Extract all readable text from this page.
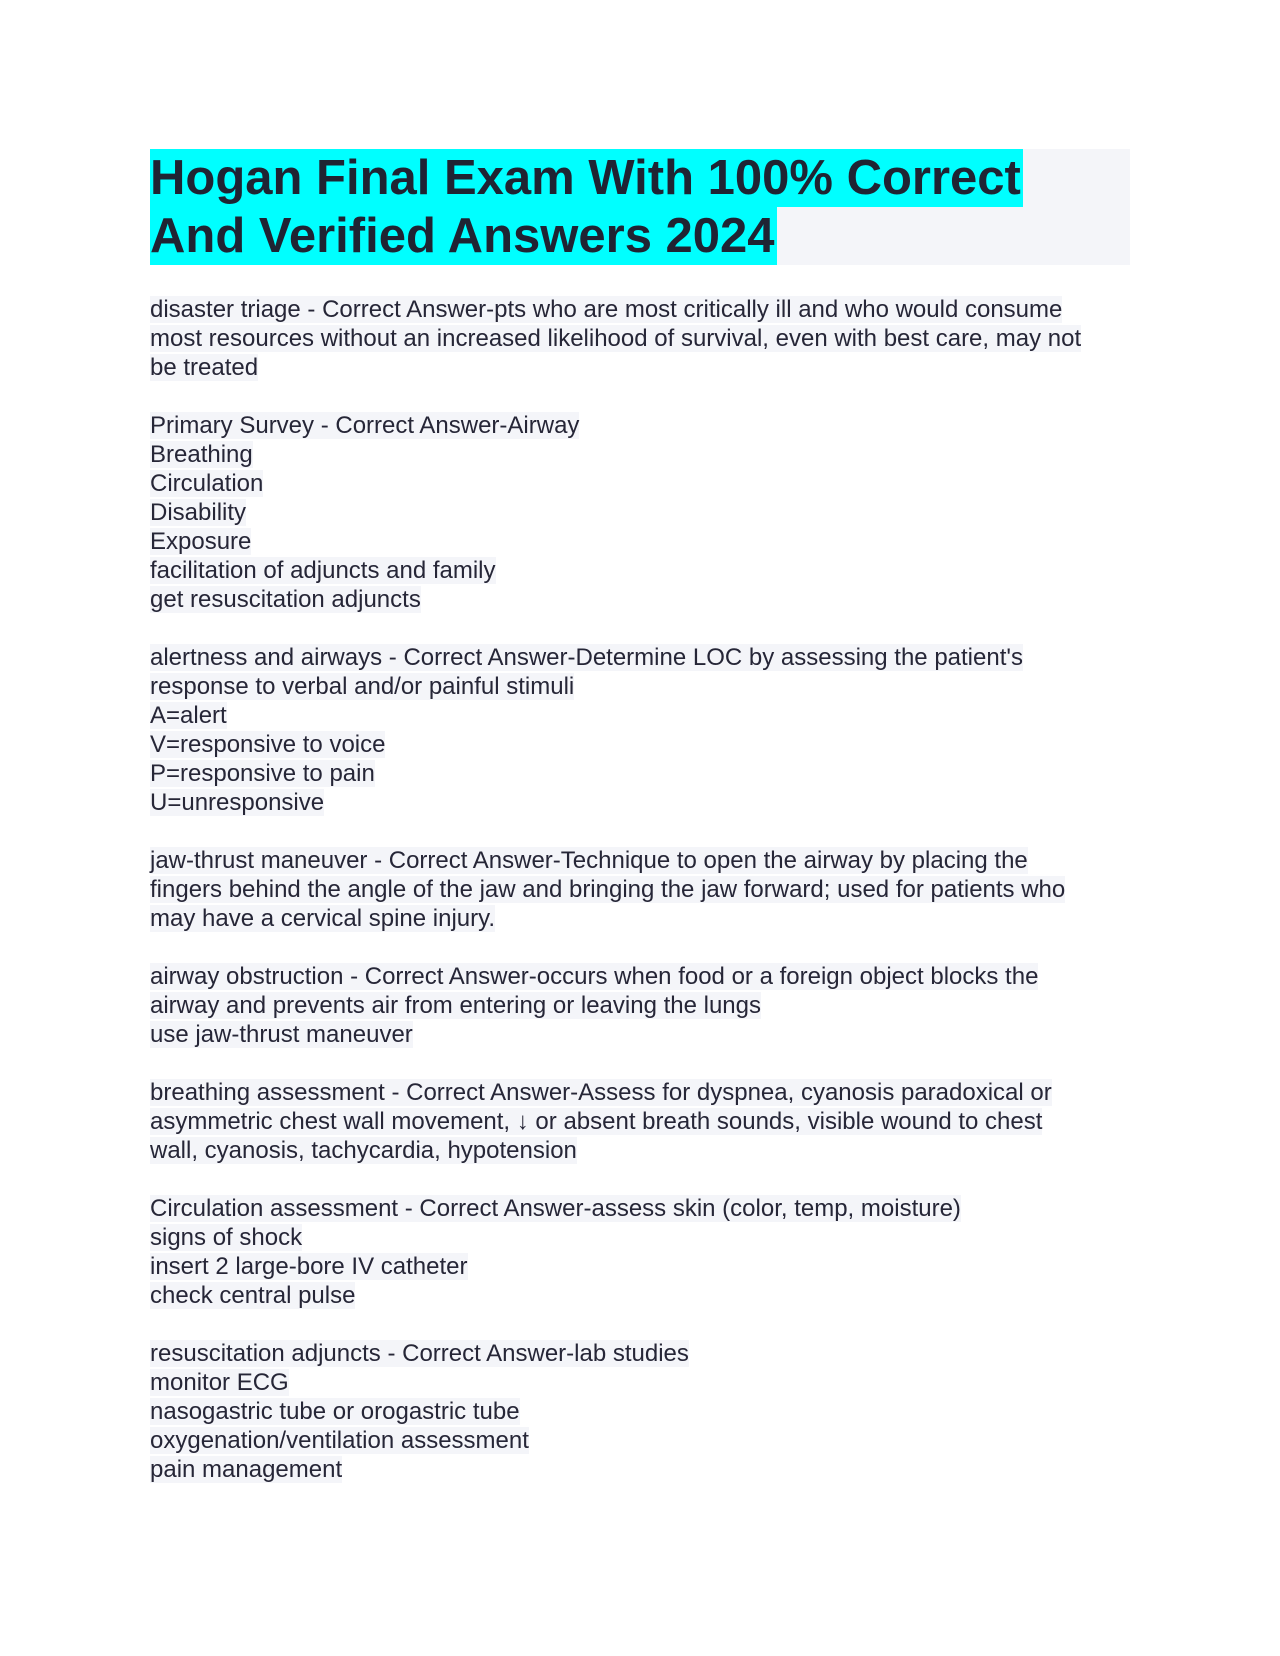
Hogan Final Exam With 100% Correct
And Verified Answers 2024
disaster triage - Correct Answer-pts who are most critically ill and who would consume
most resources without an increased likelihood of survival, even with best care, may not
be treated
Primary Survey - Correct Answer-Airway
Breathing
Circulation
Disability
Exposure
facilitation of adjuncts and family
get resuscitation adjuncts
alertness and airways - Correct Answer-Determine LOC by assessing the patient's
response to verbal and/or painful stimuli
A=alert
V=responsive to voice
P=responsive to pain
U=unresponsive
jaw-thrust maneuver - Correct Answer-Technique to open the airway by placing the
fingers behind the angle of the jaw and bringing the jaw forward; used for patients who
may have a cervical spine injury.
airway obstruction - Correct Answer-occurs when food or a foreign object blocks the
airway and prevents air from entering or leaving the lungs
use jaw-thrust maneuver
breathing assessment - Correct Answer-Assess for dyspnea, cyanosis paradoxical or
asymmetric chest wall movement, ↓ or absent breath sounds, visible wound to chest
wall, cyanosis, tachycardia, hypotension
Circulation assessment - Correct Answer-assess skin (color, temp, moisture)
signs of shock
insert 2 large-bore IV catheter
check central pulse
resuscitation adjuncts - Correct Answer-lab studies
monitor ECG
nasogastric tube or orogastric tube
oxygenation/ventilation assessment
pain management
